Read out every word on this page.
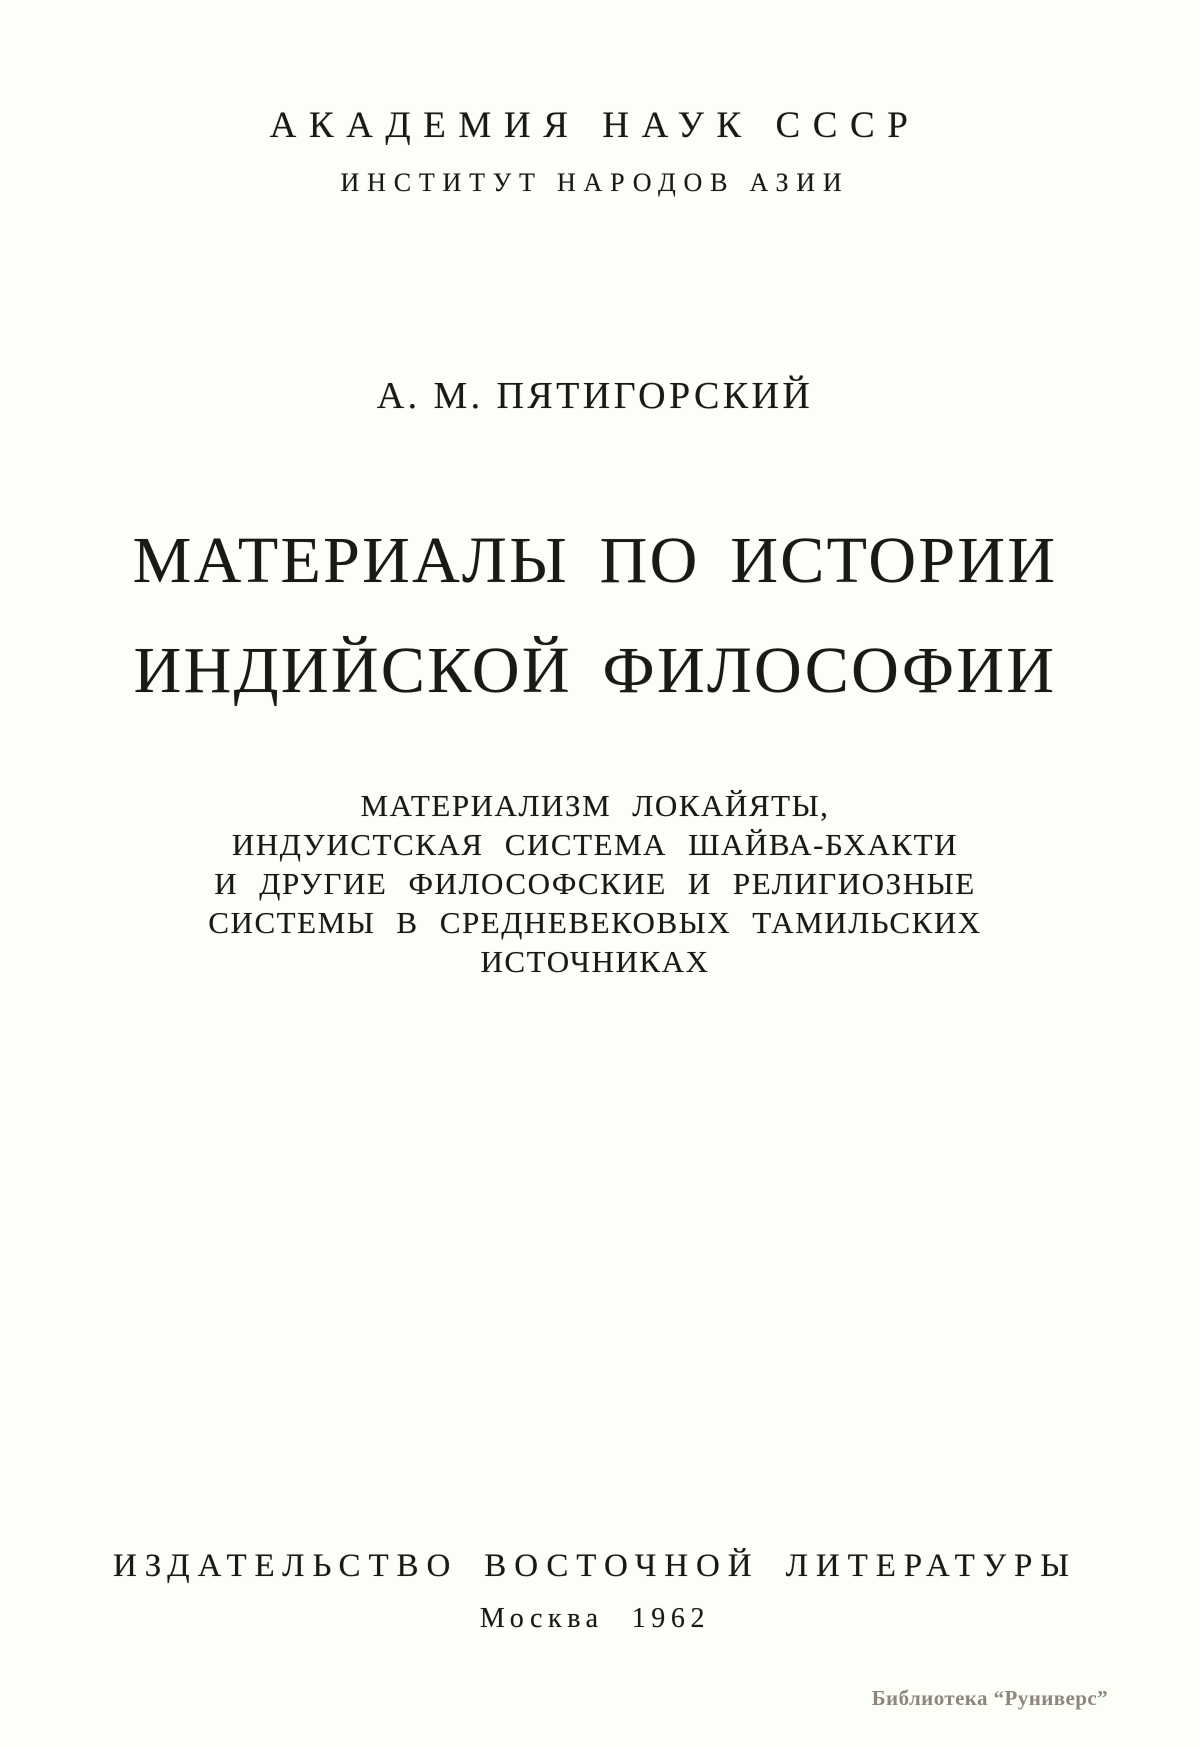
АКАДЕМИЯ НАУК СССР
ИНСТИТУТ НАРОДОВ АЗИИ
А. М. ПЯТИГОРСКИЙ
МАТЕРИАЛЫ ПО ИСТОРИИ
ИНДИЙСКОЙ ФИЛОСОФИИ
МАТЕРИАЛИЗМ ЛОКАЙЯТЫ,
ИНДУИСТСКАЯ СИСТЕМА ШАЙВА-БХАКТИ
И ДРУГИЕ ФИЛОСОФСКИЕ И РЕЛИГИОЗНЫЕ
СИСТЕМЫ В СРЕДНЕВЕКОВЫХ ТАМИЛЬСКИХ
ИСТОЧНИКАХ
ИЗДАТЕЛЬСТВО ВОСТОЧНОЙ ЛИТЕРАТУРЫ
Москва 1962
Библиотека “Руниверс”
